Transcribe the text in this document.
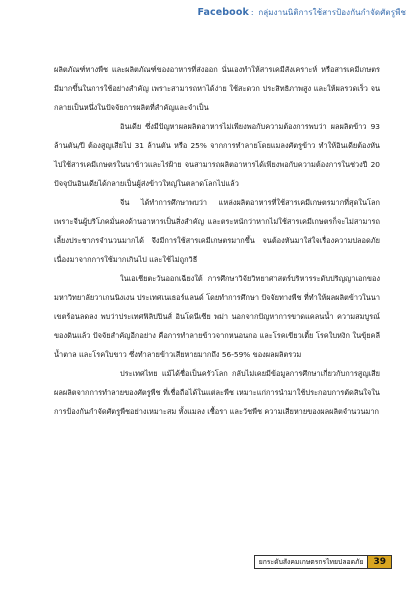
Facebook : กลุ่มงานนิติการใช้สารป้องกันกำจัดศัตรูพืช

ผลิตภัณฑ์ทางพืช และผลิตภัณฑ์ของอาหารที่ส่งออก นั่นเองทำให้สารเคมีสังเคราะห์ หรือสารเคมีเกษตร มีมากขึ้นในการใช้อย่างสำคัญ เพราะสามารถหาได้ง่าย ใช้สะดวก ประสิทธิภาพสูง และให้ผลรวดเร็ว จนกลายเป็นหนึ่งในปัจจัยการผลิตที่สำคัญและจำเป็น

อินเดีย ซึ่งมีปัญหาผลผลิตอาหารไม่เพียงพอกับความต้องการพบว่า ผลผลิตข้าว 93 ล้านตัน/ปี ต้องสูญเสียไป 31 ล้านตัน หรือ 25% จากการทำลายโดยแมลงศัตรูข้าว ทำให้อินเดียต้องหันไปใช้สารเคมีเกษตรในนาข้าวและไร่ฝ้าย จนสามารถผลิตอาหารได้เพียงพอกับความต้องการในช่วงปี 20 ปัจจุบันอินเดียได้กลายเป็นผู้ส่งข้าวใหญ่ในตลาดโลกไปแล้ว

จีน ได้ทำการศึกษาพบว่า แหล่งผลิตอาหารที่ใช้สารเคมีเกษตรมากที่สุดในโลก เพราะจีนผู้บริโภคมั่นคงด้านอาหารเป็นสิ่งสำคัญ และตระหนักว่าหากไม่ใช้สารเคมีเกษตรก็จะไม่สามารถเลี้ยงประชากรจำนวนมากได้ จึงมีการใช้สารเคมีเกษตรมากขึ้น จนต้องหันมาใส่ใจเรื่องความปลอดภัยเนื่องมาจากการใช้มากเกินไป และใช้ไม่ถูกวิธี

ในเอเชียตะวันออกเฉียงใต้ การศึกษาวิจัยวิทยาศาสตร์บริหารระดับปริญญาเอกของมหาวิทยาลัยวาเกนนิงเงน ประเทศเนเธอร์แลนด์ โดยทำการศึกษา ปัจจัยทางพืช ที่ทำให้ผลผลิตข้าวในนาเขตร้อนลดลง พบว่าประเทศฟิลิปปินส์ อินโดนีเซีย พม่า นอกจากปัญหาการขาดแคลนน้ำ ความสมบูรณ์ของดินแล้ว ปัจจัยสำคัญอีกอย่าง คือการทำลายข้าวจากหนอนกอ และโรคเขียวเตี้ย โรคใบหงิก ในขุ้ยคลีน้ำตาล และโรคใบขาว ซึ่งทำลายข้าวเสียหายมากถึง 56-59% ของผลผลิตรวม

ประเทศไทย แม้ได้ชื่อเป็นครัวโลก กลับไม่เคยมีข้อมูลการศึกษาเกี่ยวกับการสูญเสียผลผลิตจากการทำลายของศัตรูพืช ที่เชื่อถือได้ในแต่ละพืช เหมาะแก่การนำมาใช้ประกอบการตัดสินใจในการป้องกันกำจัดศัตรูพืชอย่างเหมาะสม ทั้งแมลง เชื้อรา และวัชพืช ความเสียหายของผลผลิตจำนวนมาก

ยกระดับสังคมเกษตรกรไทยปลอดภัย	39
